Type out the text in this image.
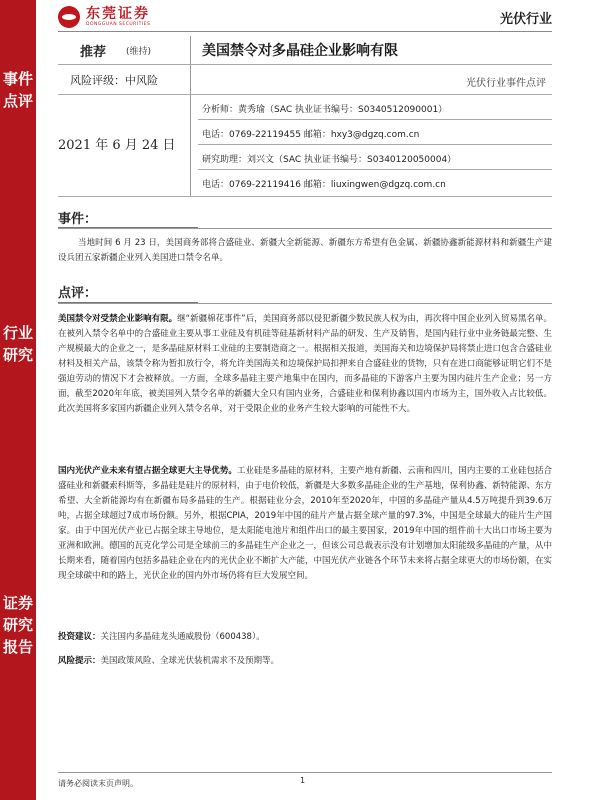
事件点评
行业研究
证券研究报告
东莞证券
DONGGUAN SECURITIES	光伏行业
推荐 (维持)	美国禁令对多晶硅企业影响有限
风险评级：中风险	光伏行业事件点评
2021 年 6 月 24 日
分析师：黄秀瑜（SAC 执业证书编号：S0340512090001）
电话：0769-22119455 邮箱：hxy3@dgzq.com.cn
研究助理：刘兴文（SAC 执业证书编号：S0340120050004）
电话：0769-22119416 邮箱：liuxingwen@dgzq.com.cn
事件：
当地时间 6 月 23 日，美国商务部将合盛硅业、新疆大全新能源、新疆东方希望有色金属、新疆协鑫新能源材料和新疆生产建设兵团五家新疆企业列入美国进口禁令名单。
点评：
美国禁令对受禁企业影响有限。继“新疆棉花事件”后，美国商务部以侵犯新疆少数民族人权为由，再次将中国企业列入贸易黑名单。在被列入禁令名单中的合盛硅业主要从事工业硅及有机硅等硅基新材料产品的研发、生产及销售，是国内硅行业中业务链最完整、生产规模最大的企业之一，是多晶硅原材料工业硅的主要制造商之一。根据相关报道，美国海关和边境保护局将禁止进口包含合盛硅业材料及相关产品，该禁令称为暂扣放行令，将允许美国海关和边境保护局扣押来自合盛硅业的货物，只有在进口商能够证明它们不是强迫劳动的情况下才会被释放。一方面，全球多晶硅主要产地集中在国内，而多晶硅的下游客户主要为国内硅片生产企业；另一方面，截至2020年年底，被美国列入禁令名单的新疆大全只有国内业务，合盛硅业和保利协鑫以国内市场为主，国外收入占比较低。此次美国将多家国内新疆企业列入禁令名单，对于受限企业的业务产生较大影响的可能性不大。
国内光伏产业未来有望占据全球更大主导优势。工业硅是多晶硅的原材料，主要产地有新疆、云南和四川，国内主要的工业硅包括合盛硅业和新疆索科斯等，多晶硅是硅片的原材料，由于电价较低，新疆是大多数多晶硅企业的生产基地，保利协鑫、新特能源、东方希望、大全新能源均有在新疆布局多晶硅的生产。根据硅业分会，2010年至2020年，中国的多晶硅产量从4.5万吨提升到39.6万吨，占据全球超过7成市场份额。另外，根据CPIA，2019年中国的硅片产量占据全球产量的97.3%，中国是全球最大的硅片生产国家。由于中国光伏产业已占据全球主导地位，是太阳能电池片和组件出口的最主要国家，2019年中国的组件前十大出口市场主要为亚洲和欧洲。德国的瓦克化学公司是全球前三的多晶硅生产企业之一，但该公司总裁表示没有计划增加太阳能级多晶硅的产量，从中长期来看，随着国内包括多晶硅企业在内的光伏企业不断扩大产能，中国光伏产业链各个环节未来将占据全球更大的市场份额，在实现全球碳中和的路上，光伏企业的国内外市场仍将有巨大发展空间。
投资建议：关注国内多晶硅龙头通威股份（600438）。
风险提示：美国政策风险、全球光伏装机需求不及预期等。
请务必阅读末页声明。	1
